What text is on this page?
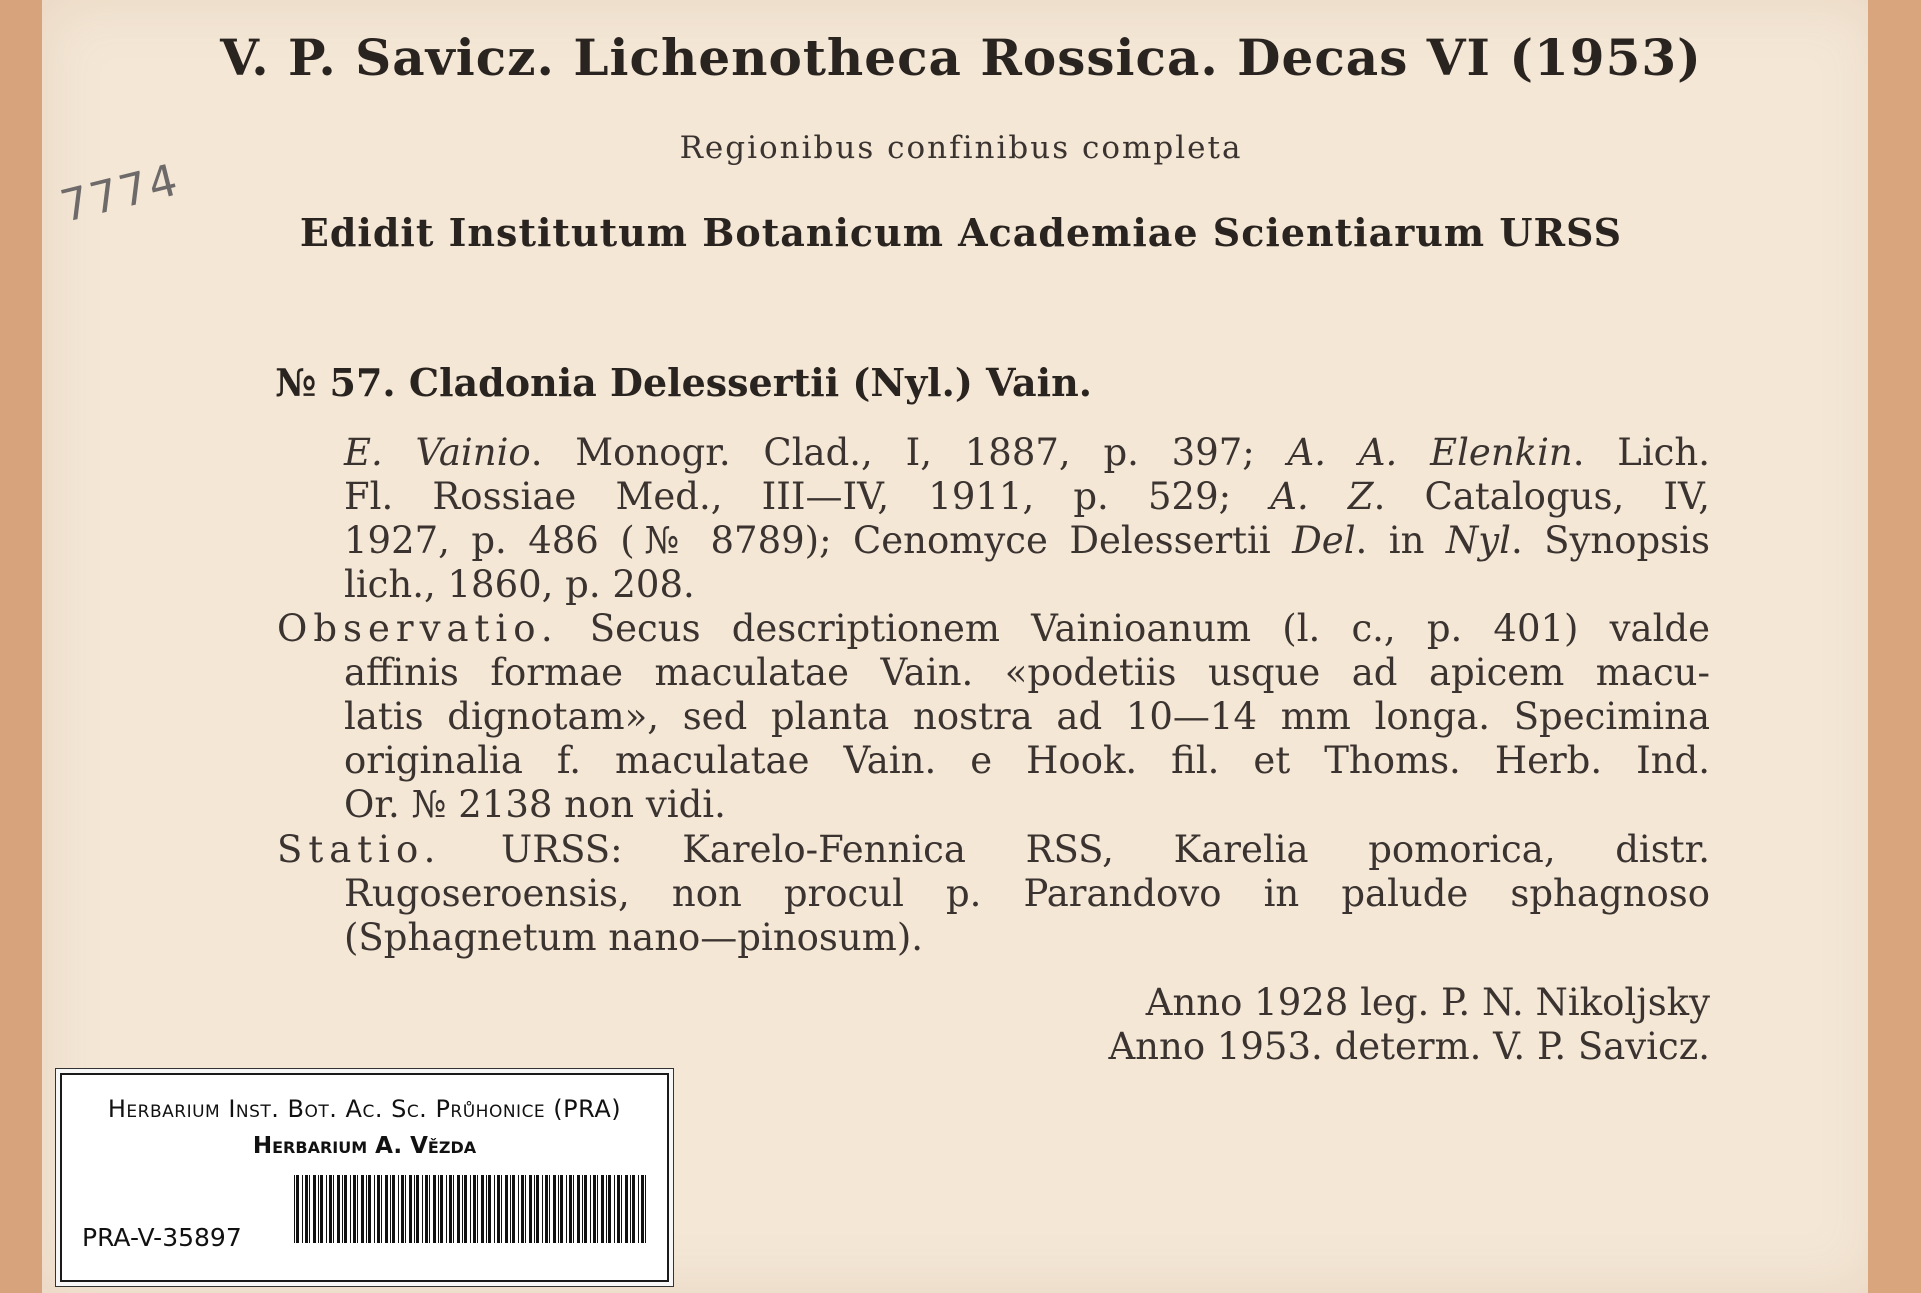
V. P. Savicz. Lichenotheca Rossica. Decas VI (1953)
Regionibus confinibus completa
Edidit Institutum Botanicum Academiae Scientiarum URSS
7774
№ 57. Cladonia Delessertii (Nyl.) Vain.
E. Vainio. Monogr. Clad., I, 1887, p. 397; A. A. Elenkin. Lich.
Fl. Rossiae Med., III—IV, 1911, p. 529; A. Z. Catalogus, IV,
1927, p. 486 (№ 8789); Cenomyce Delessertii Del. in Nyl. Synopsis
lich., 1860, p. 208.
Observatio. Secus descriptionem Vainioanum (l. c., p. 401) valde
affinis formae maculatae Vain. «podetiis usque ad apicem macu-
latis dignotam», sed planta nostra ad 10—14 mm longa. Specimina
originalia f. maculatae Vain. e Hook. fil. et Thoms. Herb. Ind.
Or. № 2138 non vidi.
Statio. URSS: Karelo-Fennica RSS, Karelia pomorica, distr.
Rugoseroensis, non procul p. Parandovo in palude sphagnoso
(Sphagnetum nano—pinosum).
Anno 1928 leg. P. N. Nikoljsky
Anno 1953. determ. V. P. Savicz.
Herbarium Inst. Bot. Ac. Sc. Průhonice (PRA)
Herbarium A. Vězda
PRA-V-35897
